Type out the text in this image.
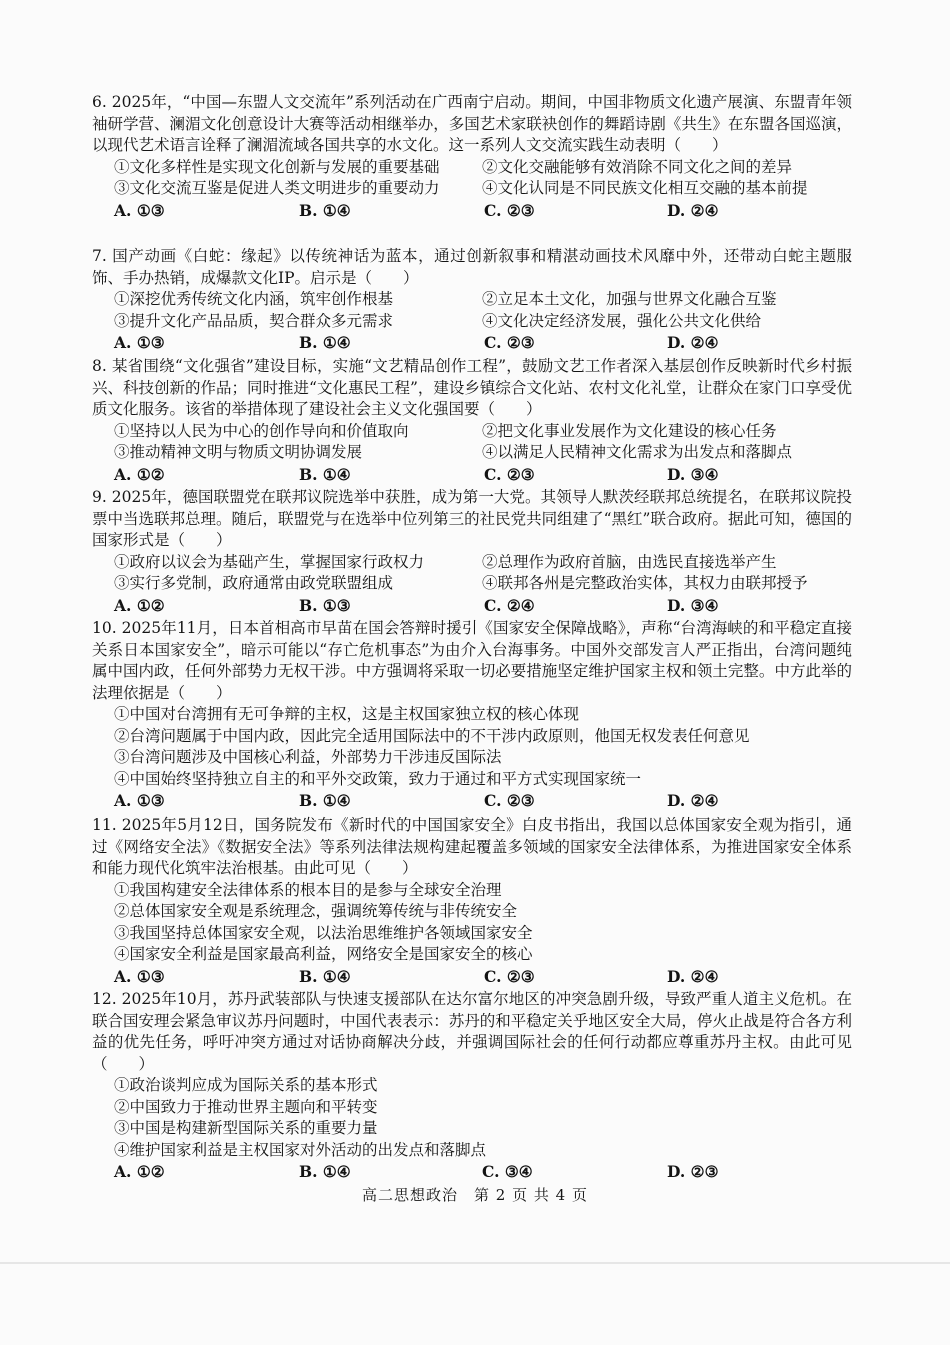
6. 2025年，“中国—东盟人文交流年”系列活动在广西南宁启动。期间，中国非物质文化遗产展演、东盟青年领袖研学营、澜湄文化创意设计大赛等活动相继举办，多国艺术家联袂创作的舞蹈诗剧《共生》在东盟各国巡演，以现代艺术语言诠释了澜湄流域各国共享的水文化。这一系列人文交流实践生动表明（　　）

①文化多样性是实现文化创新与发展的重要基础	②文化交融能够有效消除不同文化之间的差异
③文化交流互鉴是促进人类文明进步的重要动力	④文化认同是不同民族文化相互交融的基本前提
A. ①③	B. ①④	C. ②③	D. ②④

7. 国产动画《白蛇：缘起》以传统神话为蓝本，通过创新叙事和精湛动画技术风靡中外，还带动白蛇主题服饰、手办热销，成爆款文化IP。启示是（　　）

①深挖优秀传统文化内涵，筑牢创作根基	②立足本土文化，加强与世界文化融合互鉴
③提升文化产品品质，契合群众多元需求	④文化决定经济发展，强化公共文化供给
A. ①③	B. ①④	C. ②③	D. ②④

8. 某省围绕“文化强省”建设目标，实施“文艺精品创作工程”，鼓励文艺工作者深入基层创作反映新时代乡村振兴、科技创新的作品；同时推进“文化惠民工程”，建设乡镇综合文化站、农村文化礼堂，让群众在家门口享受优质文化服务。该省的举措体现了建设社会主义文化强国要（　　）

①坚持以人民为中心的创作导向和价值取向	②把文化事业发展作为文化建设的核心任务
③推动精神文明与物质文明协调发展	④以满足人民精神文化需求为出发点和落脚点
A. ①②	B. ①④	C. ②③	D. ③④

9. 2025年，德国联盟党在联邦议院选举中获胜，成为第一大党。其领导人默茨经联邦总统提名，在联邦议院投票中当选联邦总理。随后，联盟党与在选举中位列第三的社民党共同组建了“黑红”联合政府。据此可知，德国的国家形式是（　　）

①政府以议会为基础产生，掌握国家行政权力	②总理作为政府首脑，由选民直接选举产生
③实行多党制，政府通常由政党联盟组成	④联邦各州是完整政治实体，其权力由联邦授予
A. ①②	B. ①③	C. ②④	D. ③④

10. 2025年11月，日本首相高市早苗在国会答辩时援引《国家安全保障战略》，声称“台湾海峡的和平稳定直接关系日本国家安全”，暗示可能以“存亡危机事态”为由介入台海事务。中国外交部发言人严正指出，台湾问题纯属中国内政，任何外部势力无权干涉。中方强调将采取一切必要措施坚定维护国家主权和领土完整。中方此举的法理依据是（　　）

①中国对台湾拥有无可争辩的主权，这是主权国家独立权的核心体现
②台湾问题属于中国内政，因此完全适用国际法中的不干涉内政原则，他国无权发表任何意见
③台湾问题涉及中国核心利益，外部势力干涉违反国际法
④中国始终坚持独立自主的和平外交政策，致力于通过和平方式实现国家统一
A. ①③	B. ①④	C. ②③	D. ②④

11. 2025年5月12日，国务院发布《新时代的中国国家安全》白皮书指出，我国以总体国家安全观为指引，通过《网络安全法》《数据安全法》等系列法律法规构建起覆盖多领域的国家安全法律体系，为推进国家安全体系和能力现代化筑牢法治根基。由此可见（　　）

①我国构建安全法律体系的根本目的是参与全球安全治理
②总体国家安全观是系统理念，强调统筹传统与非传统安全
③我国坚持总体国家安全观，以法治思维维护各领域国家安全
④国家安全利益是国家最高利益，网络安全是国家安全的核心
A. ①③	B. ①④	C. ②③	D. ②④

12. 2025年10月，苏丹武装部队与快速支援部队在达尔富尔地区的冲突急剧升级，导致严重人道主义危机。在联合国安理会紧急审议苏丹问题时，中国代表表示：苏丹的和平稳定关乎地区安全大局，停火止战是符合各方利益的优先任务，呼吁冲突方通过对话协商解决分歧，并强调国际社会的任何行动都应尊重苏丹主权。由此可见（　　）

①政治谈判应成为国际关系的基本形式
②中国致力于推动世界主题向和平转变
③中国是构建新型国际关系的重要力量
④维护国家利益是主权国家对外活动的出发点和落脚点
A. ①②	B. ①④	C. ③④	D. ②③
高二思想政治　第 2 页 共 4 页
